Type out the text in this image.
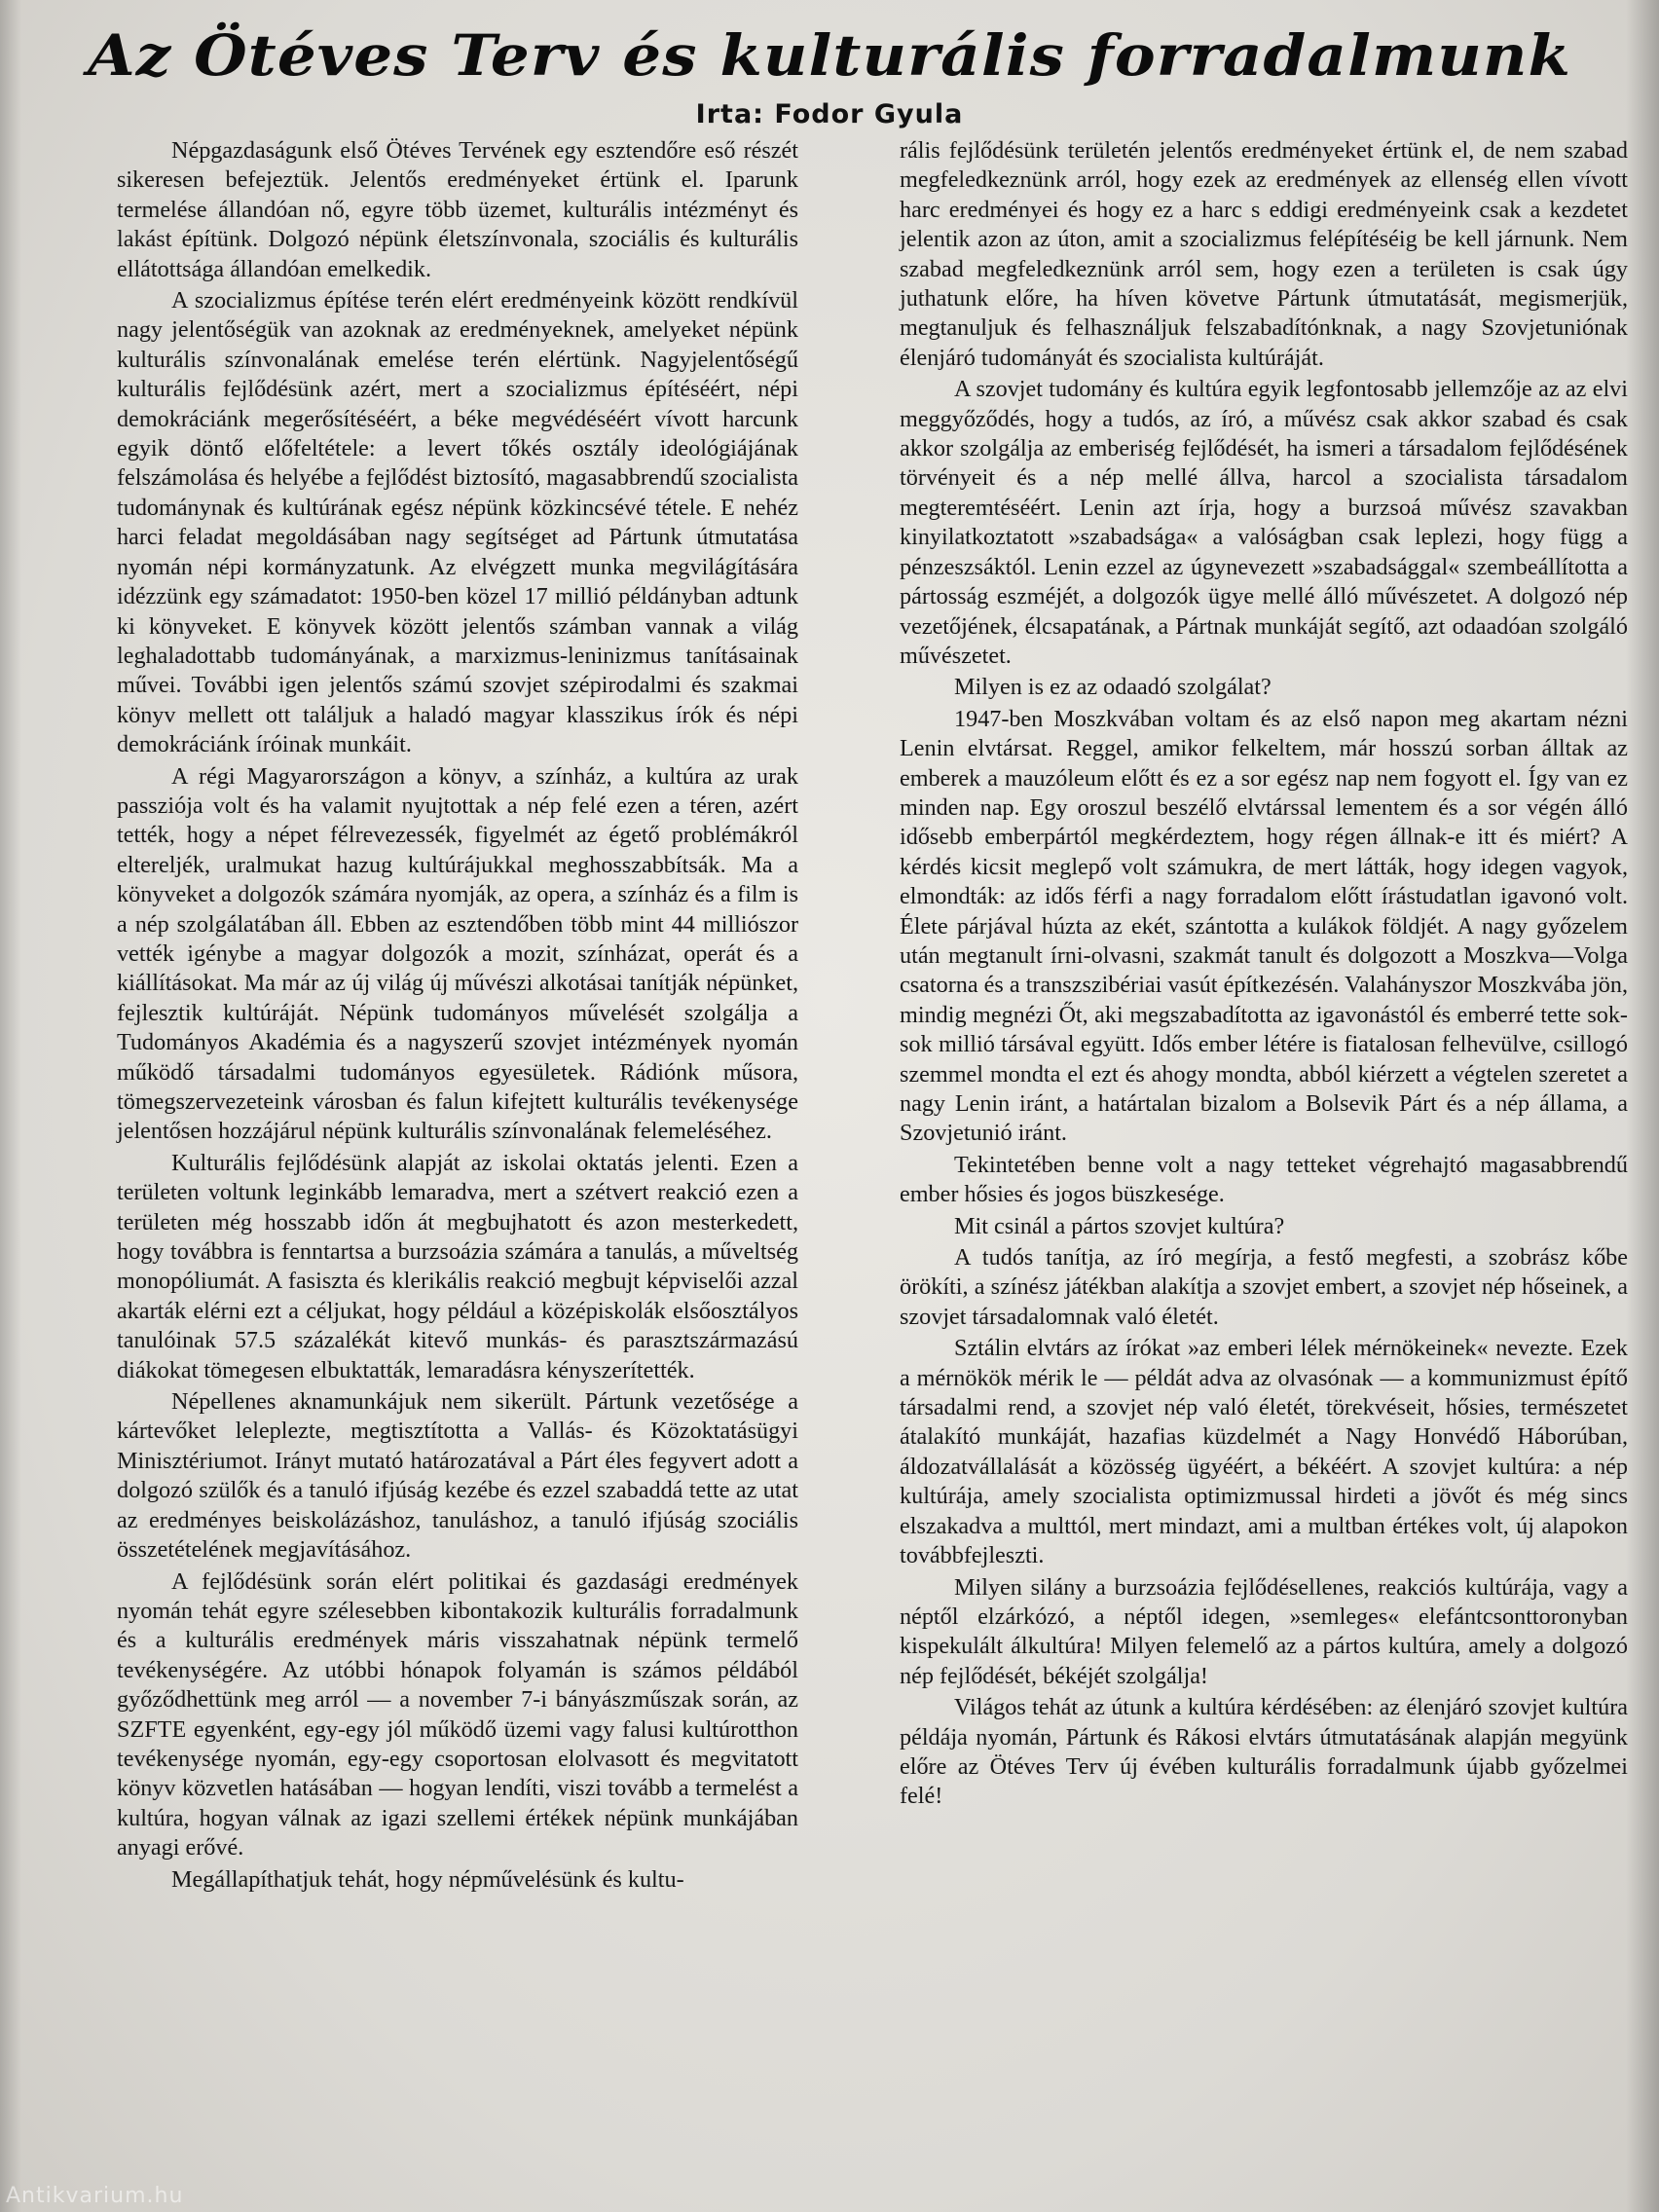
Az Ötéves Terv és kulturális forradalmunk
Irta: Fodor Gyula

Népgazdaságunk első Ötéves Tervének egy esztendőre eső részét sikeresen befejeztük. Jelentős eredményeket értünk el. Iparunk termelése állandóan nő, egyre több üzemet, kulturális intézményt és lakást építünk. Dolgozó népünk életszínvonala, szociális és kulturális ellátottsága állandóan emelkedik.

A szocializmus építése terén elért eredményeink között rendkívül nagy jelentőségük van azoknak az eredményeknek, amelyeket népünk kulturális színvonalának emelése terén elértünk. Nagyjelentőségű kulturális fejlődésünk azért, mert a szocializmus építéséért, népi demokráciánk megerősítéséért, a béke megvédéséért vívott harcunk egyik döntő előfeltétele: a levert tőkés osztály ideológiájának felszámolása és helyébe a fejlődést biztosító, magasabbrendű szocialista tudománynak és kultúrának egész népünk közkincsévé tétele. E nehéz harci feladat megoldásában nagy segítséget ad Pártunk útmutatása nyomán népi kormányzatunk. Az elvégzett munka megvilágítására idézzünk egy számadatot: 1950-ben közel 17 millió példányban adtunk ki könyveket. E könyvek között jelentős számban vannak a világ leghaladottabb tudományának, a marxizmus-leninizmus tanításainak művei. További igen jelentős számú szovjet szépirodalmi és szakmai könyv mellett ott találjuk a haladó magyar klasszikus írók és népi demokráciánk íróinak munkáit.

A régi Magyarországon a könyv, a színház, a kultúra az urak passziója volt és ha valamit nyujtottak a nép felé ezen a téren, azért tették, hogy a népet félrevezessék, figyelmét az égető problémákról eltereljék, uralmukat hazug kultúrájukkal meghosszabbítsák. Ma a könyveket a dolgozók számára nyomják, az opera, a színház és a film is a nép szolgálatában áll. Ebben az esztendőben több mint 44 milliószor vették igénybe a magyar dolgozók a mozit, színházat, operát és a kiállításokat. Ma már az új világ új művészi alkotásai tanítják népünket, fejlesztik kultúráját. Népünk tudományos művelését szolgálja a Tudományos Akadémia és a nagyszerű szovjet intézmények nyomán működő társadalmi tudományos egyesületek. Rádiónk műsora, tömegszervezeteink városban és falun kifejtett kulturális tevékenysége jelentősen hozzájárul népünk kulturális színvonalának felemeléséhez.

Kulturális fejlődésünk alapját az iskolai oktatás jelenti. Ezen a területen voltunk leginkább lemaradva, mert a szétvert reakció ezen a területen még hosszabb időn át megbujhatott és azon mesterkedett, hogy továbbra is fenntartsa a burzsoázia számára a tanulás, a műveltség monopóliumát. A fasiszta és klerikális reakció megbujt képviselői azzal akarták elérni ezt a céljukat, hogy például a középiskolák elsőosztályos tanulóinak 57.5 százalékát kitevő munkás- és parasztszármazású diákokat tömegesen elbuktatták, lemaradásra kényszerítették.

Népellenes aknamunkájuk nem sikerült. Pártunk vezetősége a kártevőket leleplezte, megtisztította a Vallás- és Közoktatásügyi Minisztériumot. Irányt mutató határozatával a Párt éles fegyvert adott a dolgozó szülők és a tanuló ifjúság kezébe és ezzel szabaddá tette az utat az eredményes beiskolázáshoz, tanuláshoz, a tanuló ifjúság szociális összetételének megjavításához.

A fejlődésünk során elért politikai és gazdasági eredmények nyomán tehát egyre szélesebben kibontakozik kulturális forradalmunk és a kulturális eredmények máris visszahatnak népünk termelő tevékenységére. Az utóbbi hónapok folyamán is számos példából győződhettünk meg arról — a november 7-i bányászműszak során, az SZFTE egyenként, egy-egy jól működő üzemi vagy falusi kultúrotthon tevékenysége nyomán, egy-egy csoportosan elolvasott és megvitatott könyv közvetlen hatásában — hogyan lendíti, viszi tovább a termelést a kultúra, hogyan válnak az igazi szellemi értékek népünk munkájában anyagi erővé.

Megállapíthatjuk tehát, hogy népművelésünk és kultu-

rális fejlődésünk területén jelentős eredményeket értünk el, de nem szabad megfeledkeznünk arról, hogy ezek az eredmények az ellenség ellen vívott harc eredményei és hogy ez a harc s eddigi eredményeink csak a kezdetet jelentik azon az úton, amit a szocializmus felépítéséig be kell járnunk. Nem szabad megfeledkeznünk arról sem, hogy ezen a területen is csak úgy juthatunk előre, ha híven követve Pártunk útmutatását, megismerjük, megtanuljuk és felhasználjuk felszabadítónknak, a nagy Szovjetuniónak élenjáró tudományát és szocialista kultúráját.

A szovjet tudomány és kultúra egyik legfontosabb jellemzője az az elvi meggyőződés, hogy a tudós, az író, a művész csak akkor szabad és csak akkor szolgálja az emberiség fejlődését, ha ismeri a társadalom fejlődésének törvényeit és a nép mellé állva, harcol a szocialista társadalom megteremtéséért. Lenin azt írja, hogy a burzsoá művész szavakban kinyilatkoztatott »szabadsága« a valóságban csak leplezi, hogy függ a pénzeszsáktól. Lenin ezzel az úgynevezett »szabadsággal« szembeállította a pártosság eszméjét, a dolgozók ügye mellé álló művészetet. A dolgozó nép vezetőjének, élcsapatának, a Pártnak munkáját segítő, azt odaadóan szolgáló művészetet.

Milyen is ez az odaadó szolgálat?

1947-ben Moszkvában voltam és az első napon meg akartam nézni Lenin elvtársat. Reggel, amikor felkeltem, már hosszú sorban álltak az emberek a mauzóleum előtt és ez a sor egész nap nem fogyott el. Így van ez minden nap. Egy oroszul beszélő elvtárssal lementem és a sor végén álló idősebb emberpártól megkérdeztem, hogy régen állnak-e itt és miért? A kérdés kicsit meglepő volt számukra, de mert látták, hogy idegen vagyok, elmondták: az idős férfi a nagy forradalom előtt írástudatlan igavonó volt. Élete párjával húzta az ekét, szántotta a kulákok földjét. A nagy győzelem után megtanult írni-olvasni, szakmát tanult és dolgozott a Moszkva—Volga csatorna és a transzszibériai vasút építkezésén. Valahányszor Moszkvába jön, mindig megnézi Őt, aki megszabadította az igavonástól és emberré tette sok-sok millió társával együtt. Idős ember létére is fiatalosan felhevülve, csillogó szemmel mondta el ezt és ahogy mondta, abból kiérzett a végtelen szeretet a nagy Lenin iránt, a határtalan bizalom a Bolsevik Párt és a nép állama, a Szovjetunió iránt.

Tekintetében benne volt a nagy tetteket végrehajtó magasabbrendű ember hősies és jogos büszkesége.

Mit csinál a pártos szovjet kultúra?

A tudós tanítja, az író megírja, a festő megfesti, a szobrász kőbe örökíti, a színész játékban alakítja a szovjet embert, a szovjet nép hőseinek, a szovjet társadalomnak való életét.

Sztálin elvtárs az írókat »az emberi lélek mérnökeinek« nevezte. Ezek a mérnökök mérik le — példát adva az olvasónak — a kommunizmust építő társadalmi rend, a szovjet nép való életét, törekvéseit, hősies, természetet átalakító munkáját, hazafias küzdelmét a Nagy Honvédő Háborúban, áldozatvállalását a közösség ügyéért, a békéért. A szovjet kultúra: a nép kultúrája, amely szocialista optimizmussal hirdeti a jövőt és még sincs elszakadva a multtól, mert mindazt, ami a multban értékes volt, új alapokon továbbfejleszti.

Milyen silány a burzsoázia fejlődésellenes, reakciós kultúrája, vagy a néptől elzárkózó, a néptől idegen, »semleges« elefántcsonttoronyban kispekulált álkultúra! Milyen felemelő az a pártos kultúra, amely a dolgozó nép fejlődését, békéjét szolgálja!

Világos tehát az útunk a kultúra kérdésében: az élenjáró szovjet kultúra példája nyomán, Pártunk és Rákosi elvtárs útmutatásának alapján megyünk előre az Ötéves Terv új évében kulturális forradalmunk újabb győzelmei felé!

Antikvarium.hu
